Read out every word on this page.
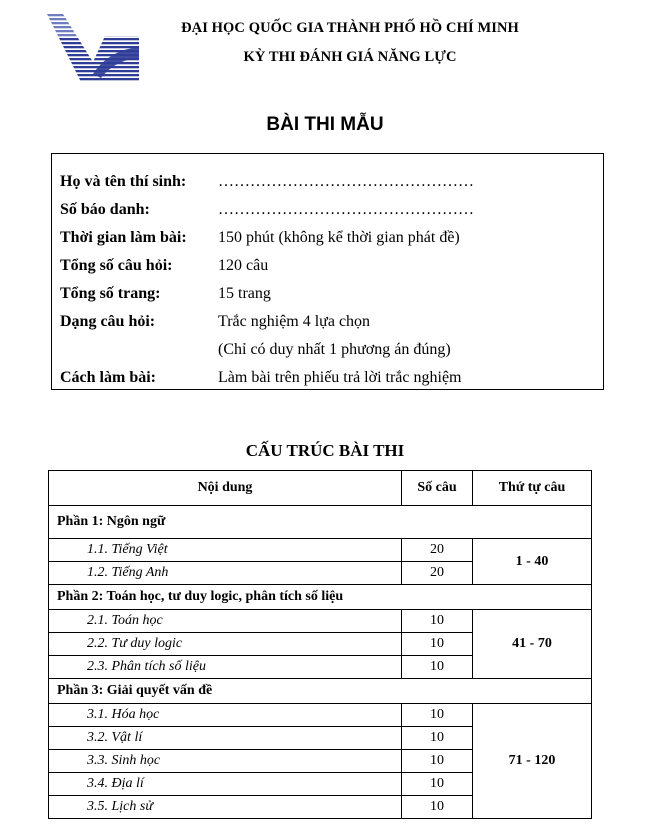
ĐẠI HỌC QUỐC GIA THÀNH PHỐ HỒ CHÍ MINH
KỲ THI ĐÁNH GIÁ NĂNG LỰC
BÀI THI MẪU
Họ và tên thí sinh: …………………………………………
Số báo danh:	…………………………………………
Thời gian làm bài: 150 phút (không kể thời gian phát đề)
Tổng số câu hỏi:	120 câu
Tổng số trang:	15 trang
Dạng câu hỏi:	Trắc nghiệm 4 lựa chọn
(Chỉ có duy nhất 1 phương án đúng)
Cách làm bài:	Làm bài trên phiếu trả lời trắc nghiệm
CẤU TRÚC BÀI THI
Nội dung	Số câu	Thứ tự câu
Phần 1: Ngôn ngữ		
1.1. Tiếng Việt	20	1 - 40
1.2. Tiếng Anh	20	
Phần 2: Toán học, tư duy logic, phân tích số liệu		
2.1. Toán học	10	41 - 70
2.2. Tư duy logic	10	
2.3. Phân tích số liệu	10	
Phần 3: Giải quyết vấn đề		
3.1. Hóa học	10	71 - 120
3.2. Vật lí	10	
3.3. Sinh học	10	
3.4. Địa lí	10	
3.5. Lịch sử	10	
